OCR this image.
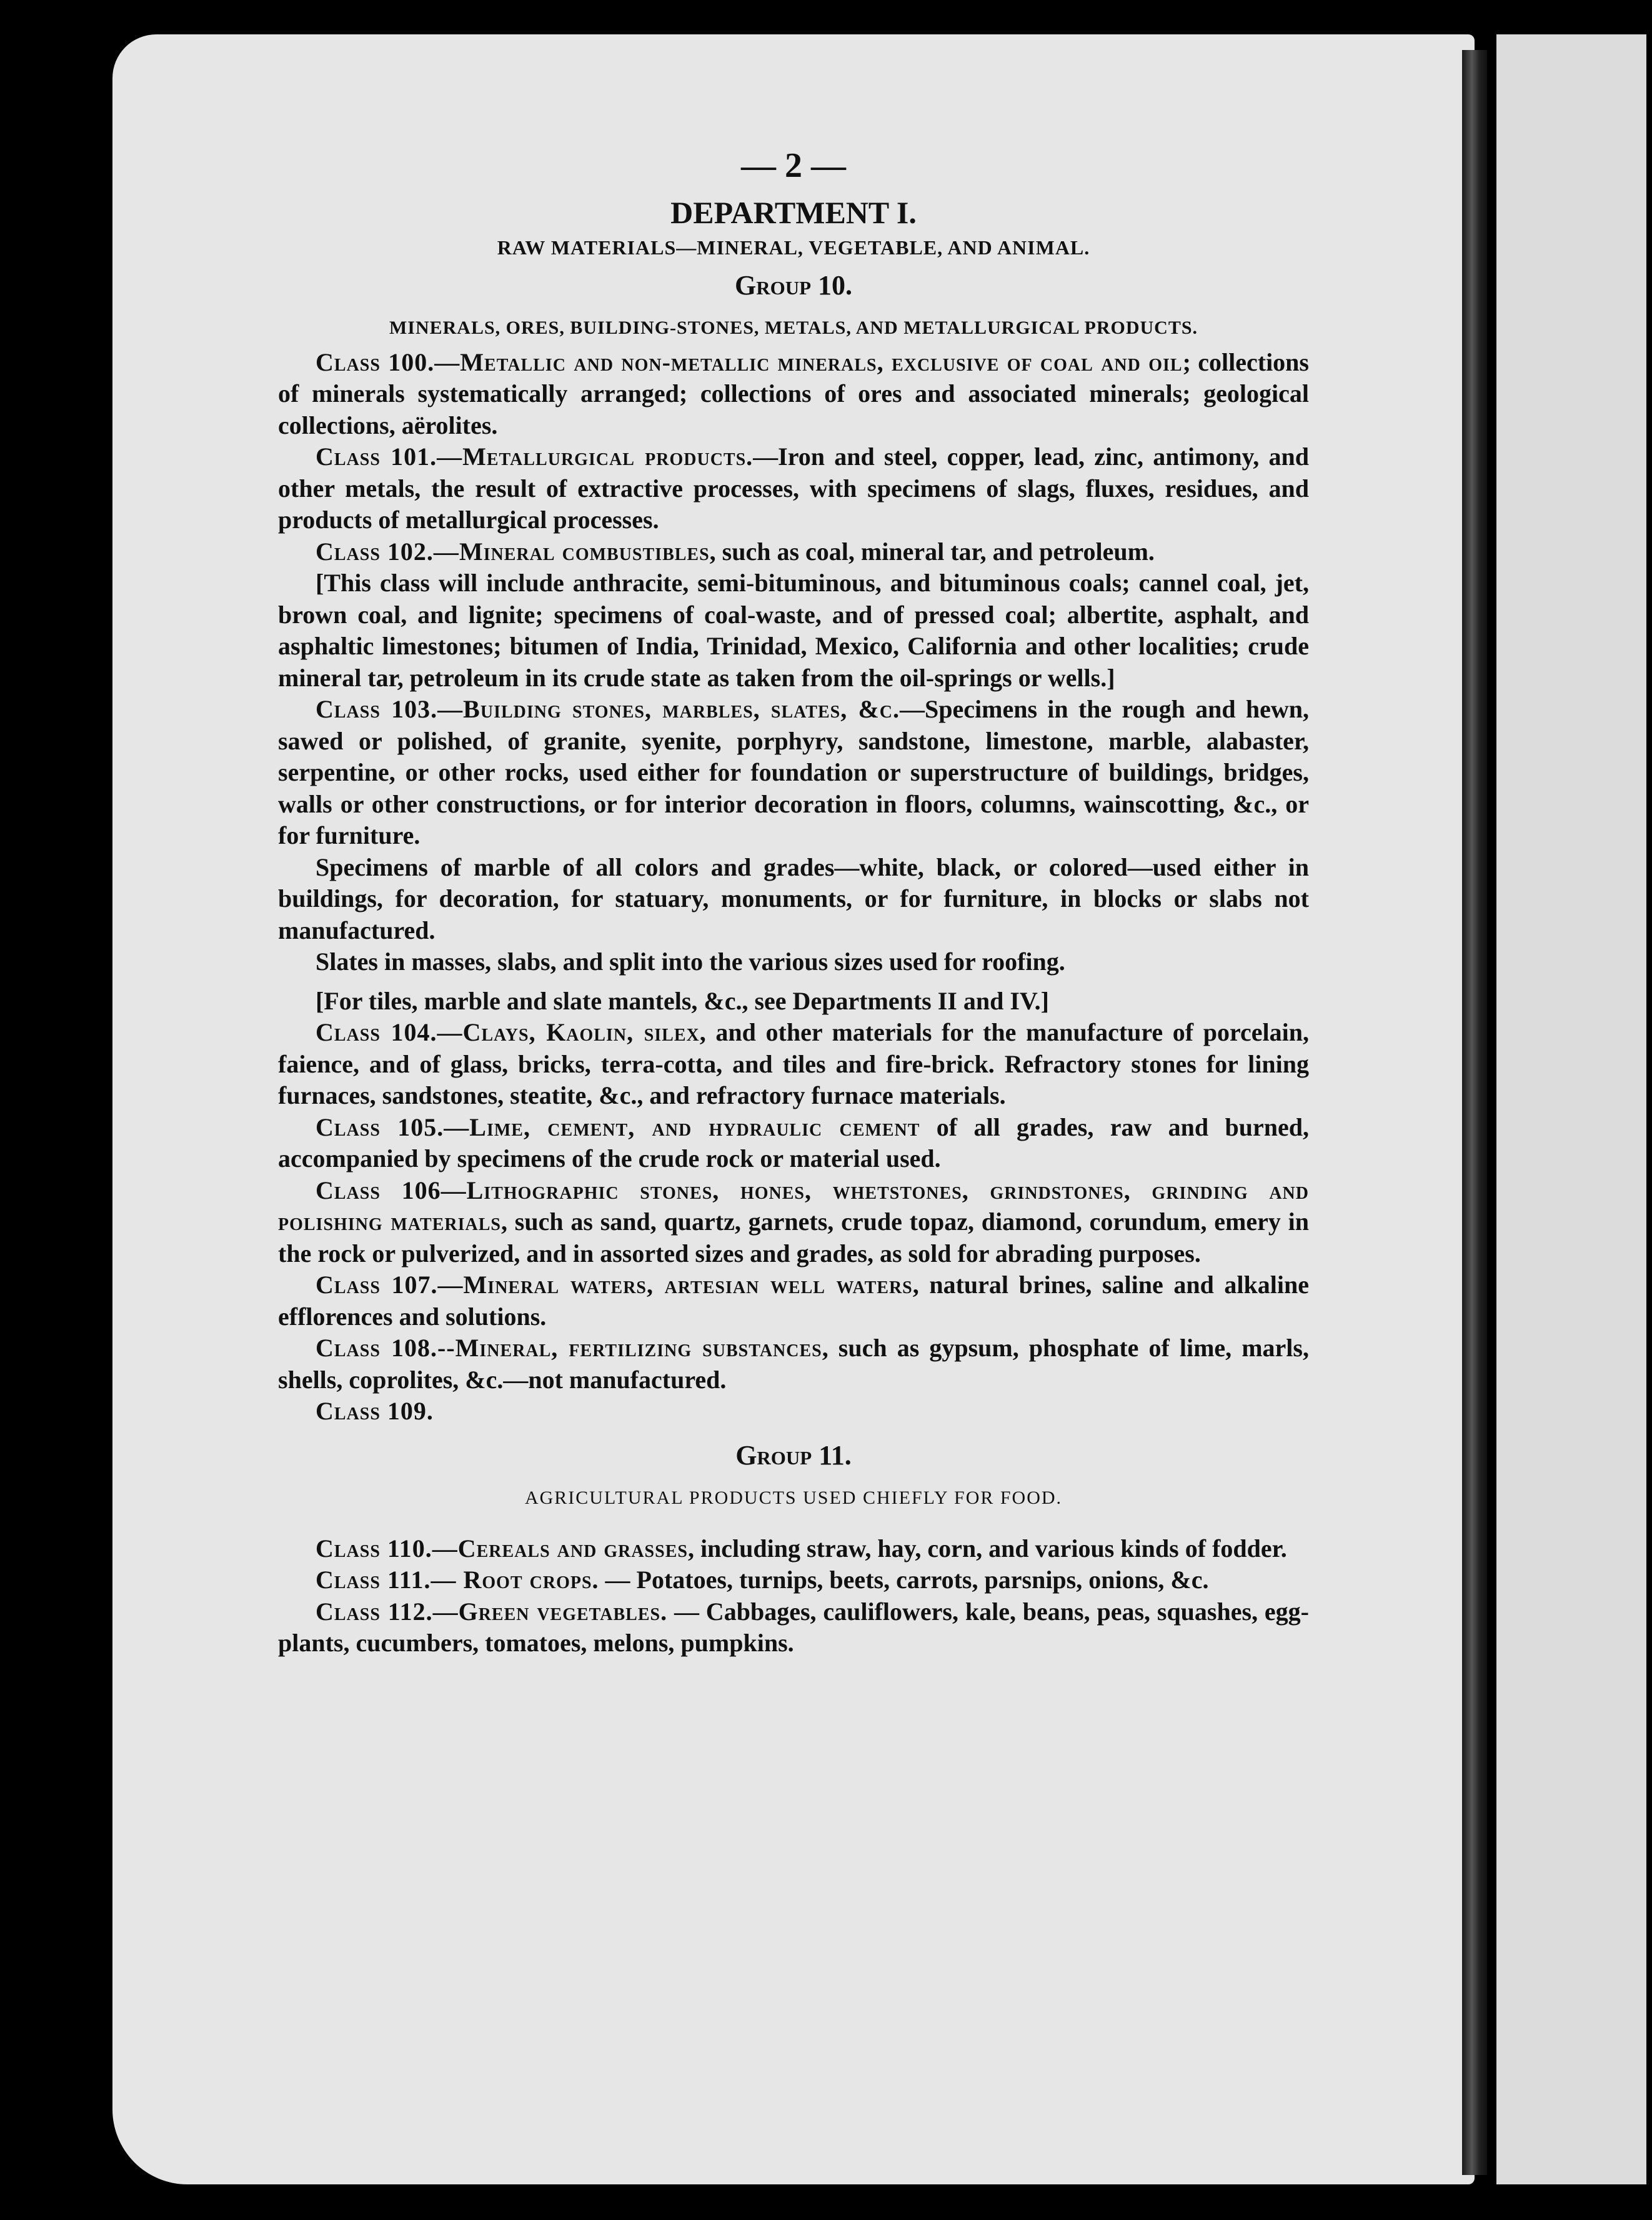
— 2 —
DEPARTMENT I.
RAW MATERIALS—MINERAL, VEGETABLE, AND ANIMAL.
Group 10.
MINERALS, ORES, BUILDING-STONES, METALS, AND METALLURGICAL PRODUCTS.

Class 100.—Metallic and non-metallic minerals, exclusive of coal and oil; collections of minerals systematically arranged; collections of ores and associated minerals; geological collections, aërolites.

Class 101.—Metallurgical products.—Iron and steel, copper, lead, zinc, antimony, and other metals, the result of extractive processes, with specimens of slags, fluxes, residues, and products of metallurgical processes.

Class 102.—Mineral combustibles, such as coal, mineral tar, and petroleum.

[This class will include anthracite, semi-bituminous, and bituminous coals; cannel coal, jet, brown coal, and lignite; specimens of coal-waste, and of pressed coal; albertite, asphalt, and asphaltic limestones; bitumen of India, Trinidad, Mexico, California and other localities; crude mineral tar, petroleum in its crude state as taken from the oil-springs or wells.]

Class 103.—Building stones, marbles, slates, &c.—Specimens in the rough and hewn, sawed or polished, of granite, syenite, porphyry, sandstone, limestone, marble, alabaster, serpentine, or other rocks, used either for foundation or superstructure of buildings, bridges, walls or other constructions, or for interior decoration in floors, columns, wainscotting, &c., or for furniture.

Specimens of marble of all colors and grades—white, black, or colored—used either in buildings, for decoration, for statuary, monuments, or for furniture, in blocks or slabs not manufactured.

Slates in masses, slabs, and split into the various sizes used for roofing.

[For tiles, marble and slate mantels, &c., see Departments II and IV.]

Class 104.—Clays, Kaolin, silex, and other materials for the manufacture of porcelain, faience, and of glass, bricks, terra-cotta, and tiles and fire-brick. Refractory stones for lining furnaces, sandstones, steatite, &c., and refractory furnace materials.

Class 105.—Lime, cement, and hydraulic cement of all grades, raw and burned, accompanied by specimens of the crude rock or material used.

Class 106—Lithographic stones, hones, whetstones, grindstones, grinding and polishing materials, such as sand, quartz, garnets, crude topaz, diamond, corundum, emery in the rock or pulverized, and in assorted sizes and grades, as sold for abrading purposes.

Class 107.—Mineral waters, artesian well waters, natural brines, saline and alkaline efflorences and solutions.

Class 108.--Mineral, fertilizing substances, such as gypsum, phosphate of lime, marls, shells, coprolites, &c.—not manufactured.

Class 109.

Group 11.
AGRICULTURAL PRODUCTS USED CHIEFLY FOR FOOD.

Class 110.—Cereals and grasses, including straw, hay, corn, and various kinds of fodder.

Class 111.— Root crops. — Potatoes, turnips, beets, carrots, parsnips, onions, &c.

Class 112.—Green vegetables. — Cabbages, cauliflowers, kale, beans, peas, squashes, egg-plants, cucumbers, tomatoes, melons, pumpkins.
